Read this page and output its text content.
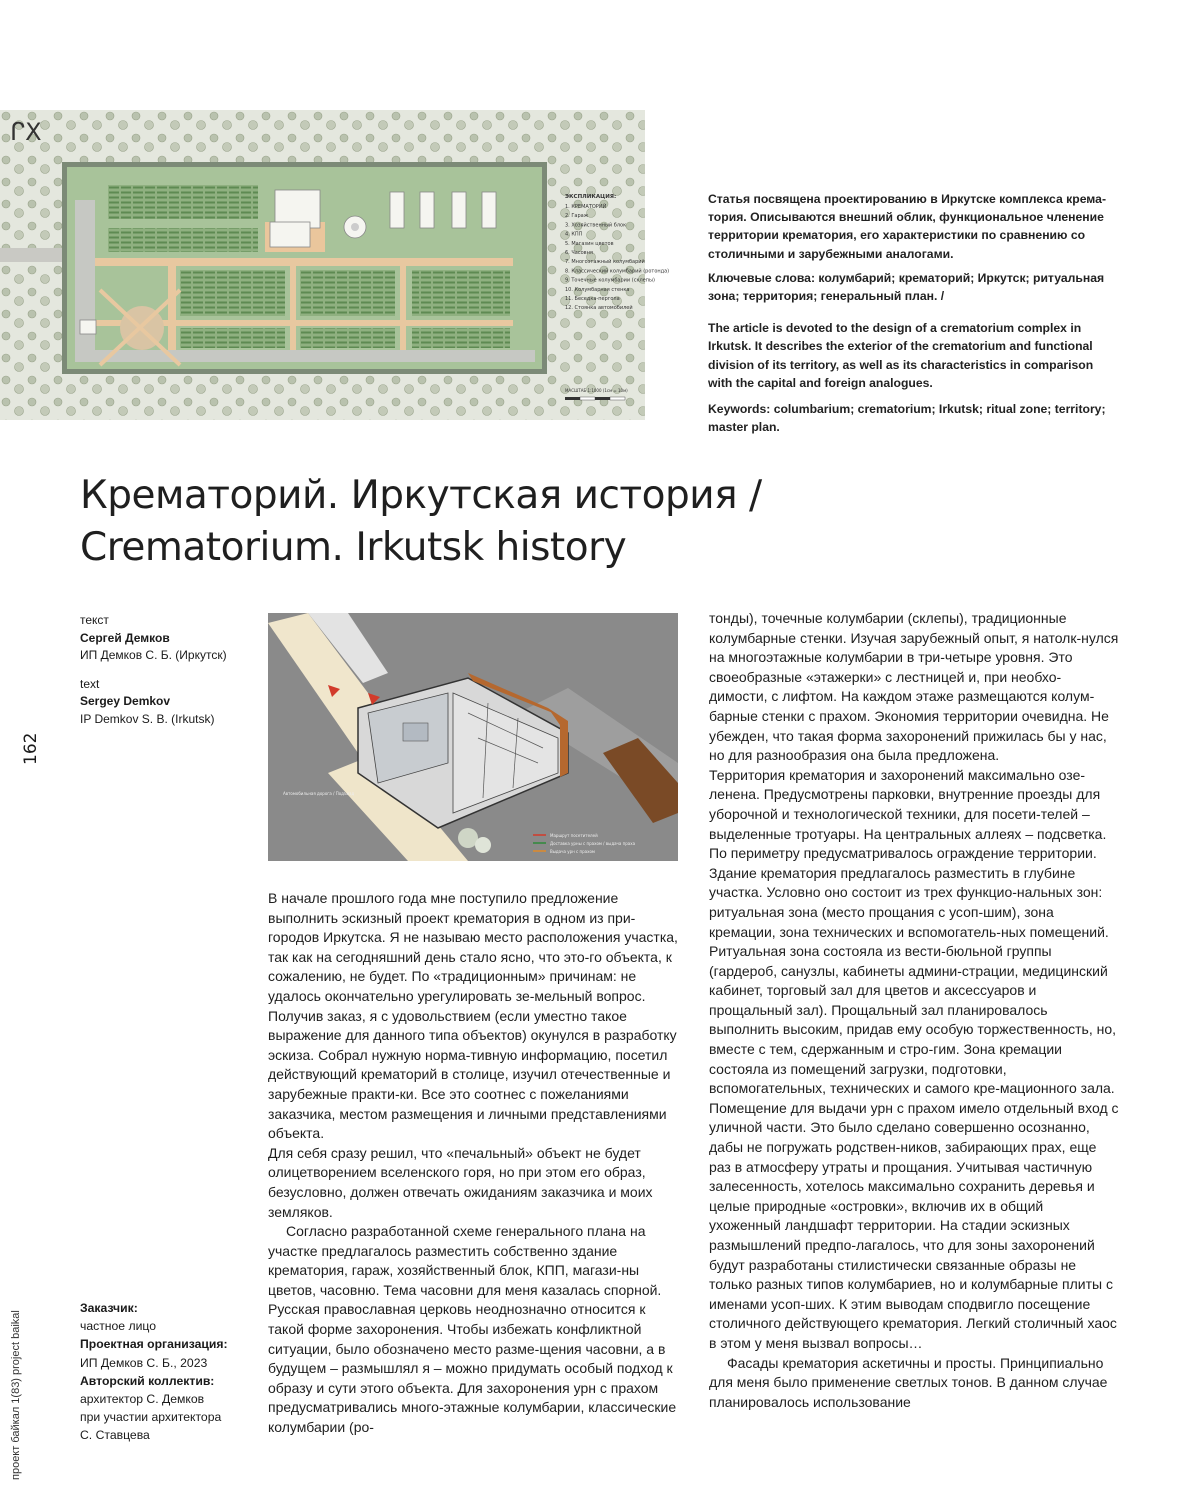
ᒋX
ЭКСПЛИКАЦИЯ:
1. КРЕМАТОРИЙ
2. Гараж
3. Хозяйственный блок
4. КПП
5. Магазин цветов
6. Часовня
7. Многоэтажный колумбарий
8. Классический колумбарий (ротонда)
9. Точечные колумбарии (склепы)
10. Колумбарная стенка
11. Беседка-пергола
12. Стоянка автомобилей
МАСШТАБ 1:1000 (1см = 10м)

Статья посвящена проектированию в Иркутске комплекса крема-тория. Описываются внешний облик, функциональное членение территории крематория, его характеристики по сравнению со столичными и зарубежными аналогами.

Ключевые слова: колумбарий; крематорий; Иркутск; ритуальная зона; территория; генеральный план. /

The article is devoted to the design of a crematorium complex in Irkutsk. It describes the exterior of the crematorium and functional division of its territory, as well as its characteristics in comparison with the capital and foreign analogues.

Keywords: columbarium; crematorium; Irkutsk; ritual zone; territory; master plan.

Крематорий. Иркутская история /
Crematorium. Irkutsk history
текст
Сергей Демков
ИП Демков С. Б. (Иркутск)
text
Sergey Demkov
IP Demkov S. B. (Irkutsk)
162
проект байкал 1(83) project baikal
Заказчик:
частное лицо
Проектная организация:
ИП Демков С. Б., 2023
Авторский коллектив:
архитектор С. Демков
при участии архитектора
С. Ставцева
Маршрут посетителей
Доставка урны с прахом / выдача праха
Выдача урн с прахом
Автомобильная дорога / Подъезд

В начале прошлого года мне поступило предложение выполнить эскизный проект крематория в одном из при-городов Иркутска. Я не называю место расположения участка, так как на сегодняшний день стало ясно, что это-го объекта, к сожалению, не будет. По «традиционным» причинам: не удалось окончательно урегулировать зе-мельный вопрос. Получив заказ, я с удовольствием (если уместно такое выражение для данного типа объектов) окунулся в разработку эскиза. Собрал нужную норма-тивную информацию, посетил действующий крематорий в столице, изучил отечественные и зарубежные практи-ки. Все это соотнес с пожеланиями заказчика, местом размещения и личными представлениями объекта.

Для себя сразу решил, что «печальный» объект не будет олицетворением вселенского горя, но при этом его образ, безусловно, должен отвечать ожиданиям заказчика и моих земляков.

Согласно разработанной схеме генерального плана на участке предлагалось разместить собственно здание крематория, гараж, хозяйственный блок, КПП, магази-ны цветов, часовню. Тема часовни для меня казалась спорной. Русская православная церковь неоднозначно относится к такой форме захоронения. Чтобы избежать конфликтной ситуации, было обозначено место разме-щения часовни, а в будущем – размышлял я – можно придумать особый подход к образу и сути этого объекта. Для захоронения урн с прахом предусматривались много-этажные колумбарии, классические колумбарии (ро-

тонды), точечные колумбарии (склепы), традиционные колумбарные стенки. Изучая зарубежный опыт, я натолк-нулся на многоэтажные колумбарии в три-четыре уровня. Это своеобразные «этажерки» с лестницей и, при необхо-димости, с лифтом. На каждом этаже размещаются колум-барные стенки с прахом. Экономия территории очевидна. Не убежден, что такая форма захоронений прижилась бы у нас, но для разнообразия она была предложена.

Территория крематория и захоронений максимально озе-ленена. Предусмотрены парковки, внутренние проезды для уборочной и технологической техники, для посети-телей – выделенные тротуары. На центральных аллеях – подсветка. По периметру предусматривалось ограждение территории. Здание крематория предлагалось разместить в глубине участка. Условно оно состоит из трех функцио-нальных зон: ритуальная зона (место прощания с усоп-шим), зона кремации, зона технических и вспомогатель-ных помещений. Ритуальная зона состояла из вести-бюльной группы (гардероб, санузлы, кабинеты админи-страции, медицинский кабинет, торговый зал для цветов и аксессуаров и прощальный зал). Прощальный зал планировалось выполнить высоким, придав ему особую торжественность, но, вместе с тем, сдержанным и стро-гим. Зона кремации состояла из помещений загрузки, подготовки, вспомогательных, технических и самого кре-мационного зала. Помещение для выдачи урн с прахом имело отдельный вход с уличной части. Это было сделано совершенно осознанно, дабы не погружать родствен-ников, забирающих прах, еще раз в атмосферу утраты и прощания. Учитывая частичную залесенность, хотелось максимально сохранить деревья и целые природные «островки», включив их в общий ухоженный ландшафт территории. На стадии эскизных размышлений предпо-лагалось, что для зоны захоронений будут разработаны стилистически связанные образы не только разных типов колумбариев, но и колумбарные плиты с именами усоп-ших. К этим выводам сподвигло посещение столичного действующего крематория. Легкий столичный хаос в этом у меня вызвал вопросы…

Фасады крематория аскетичны и просты. Принципиально для меня было применение светлых тонов. В данном случае планировалось использование
